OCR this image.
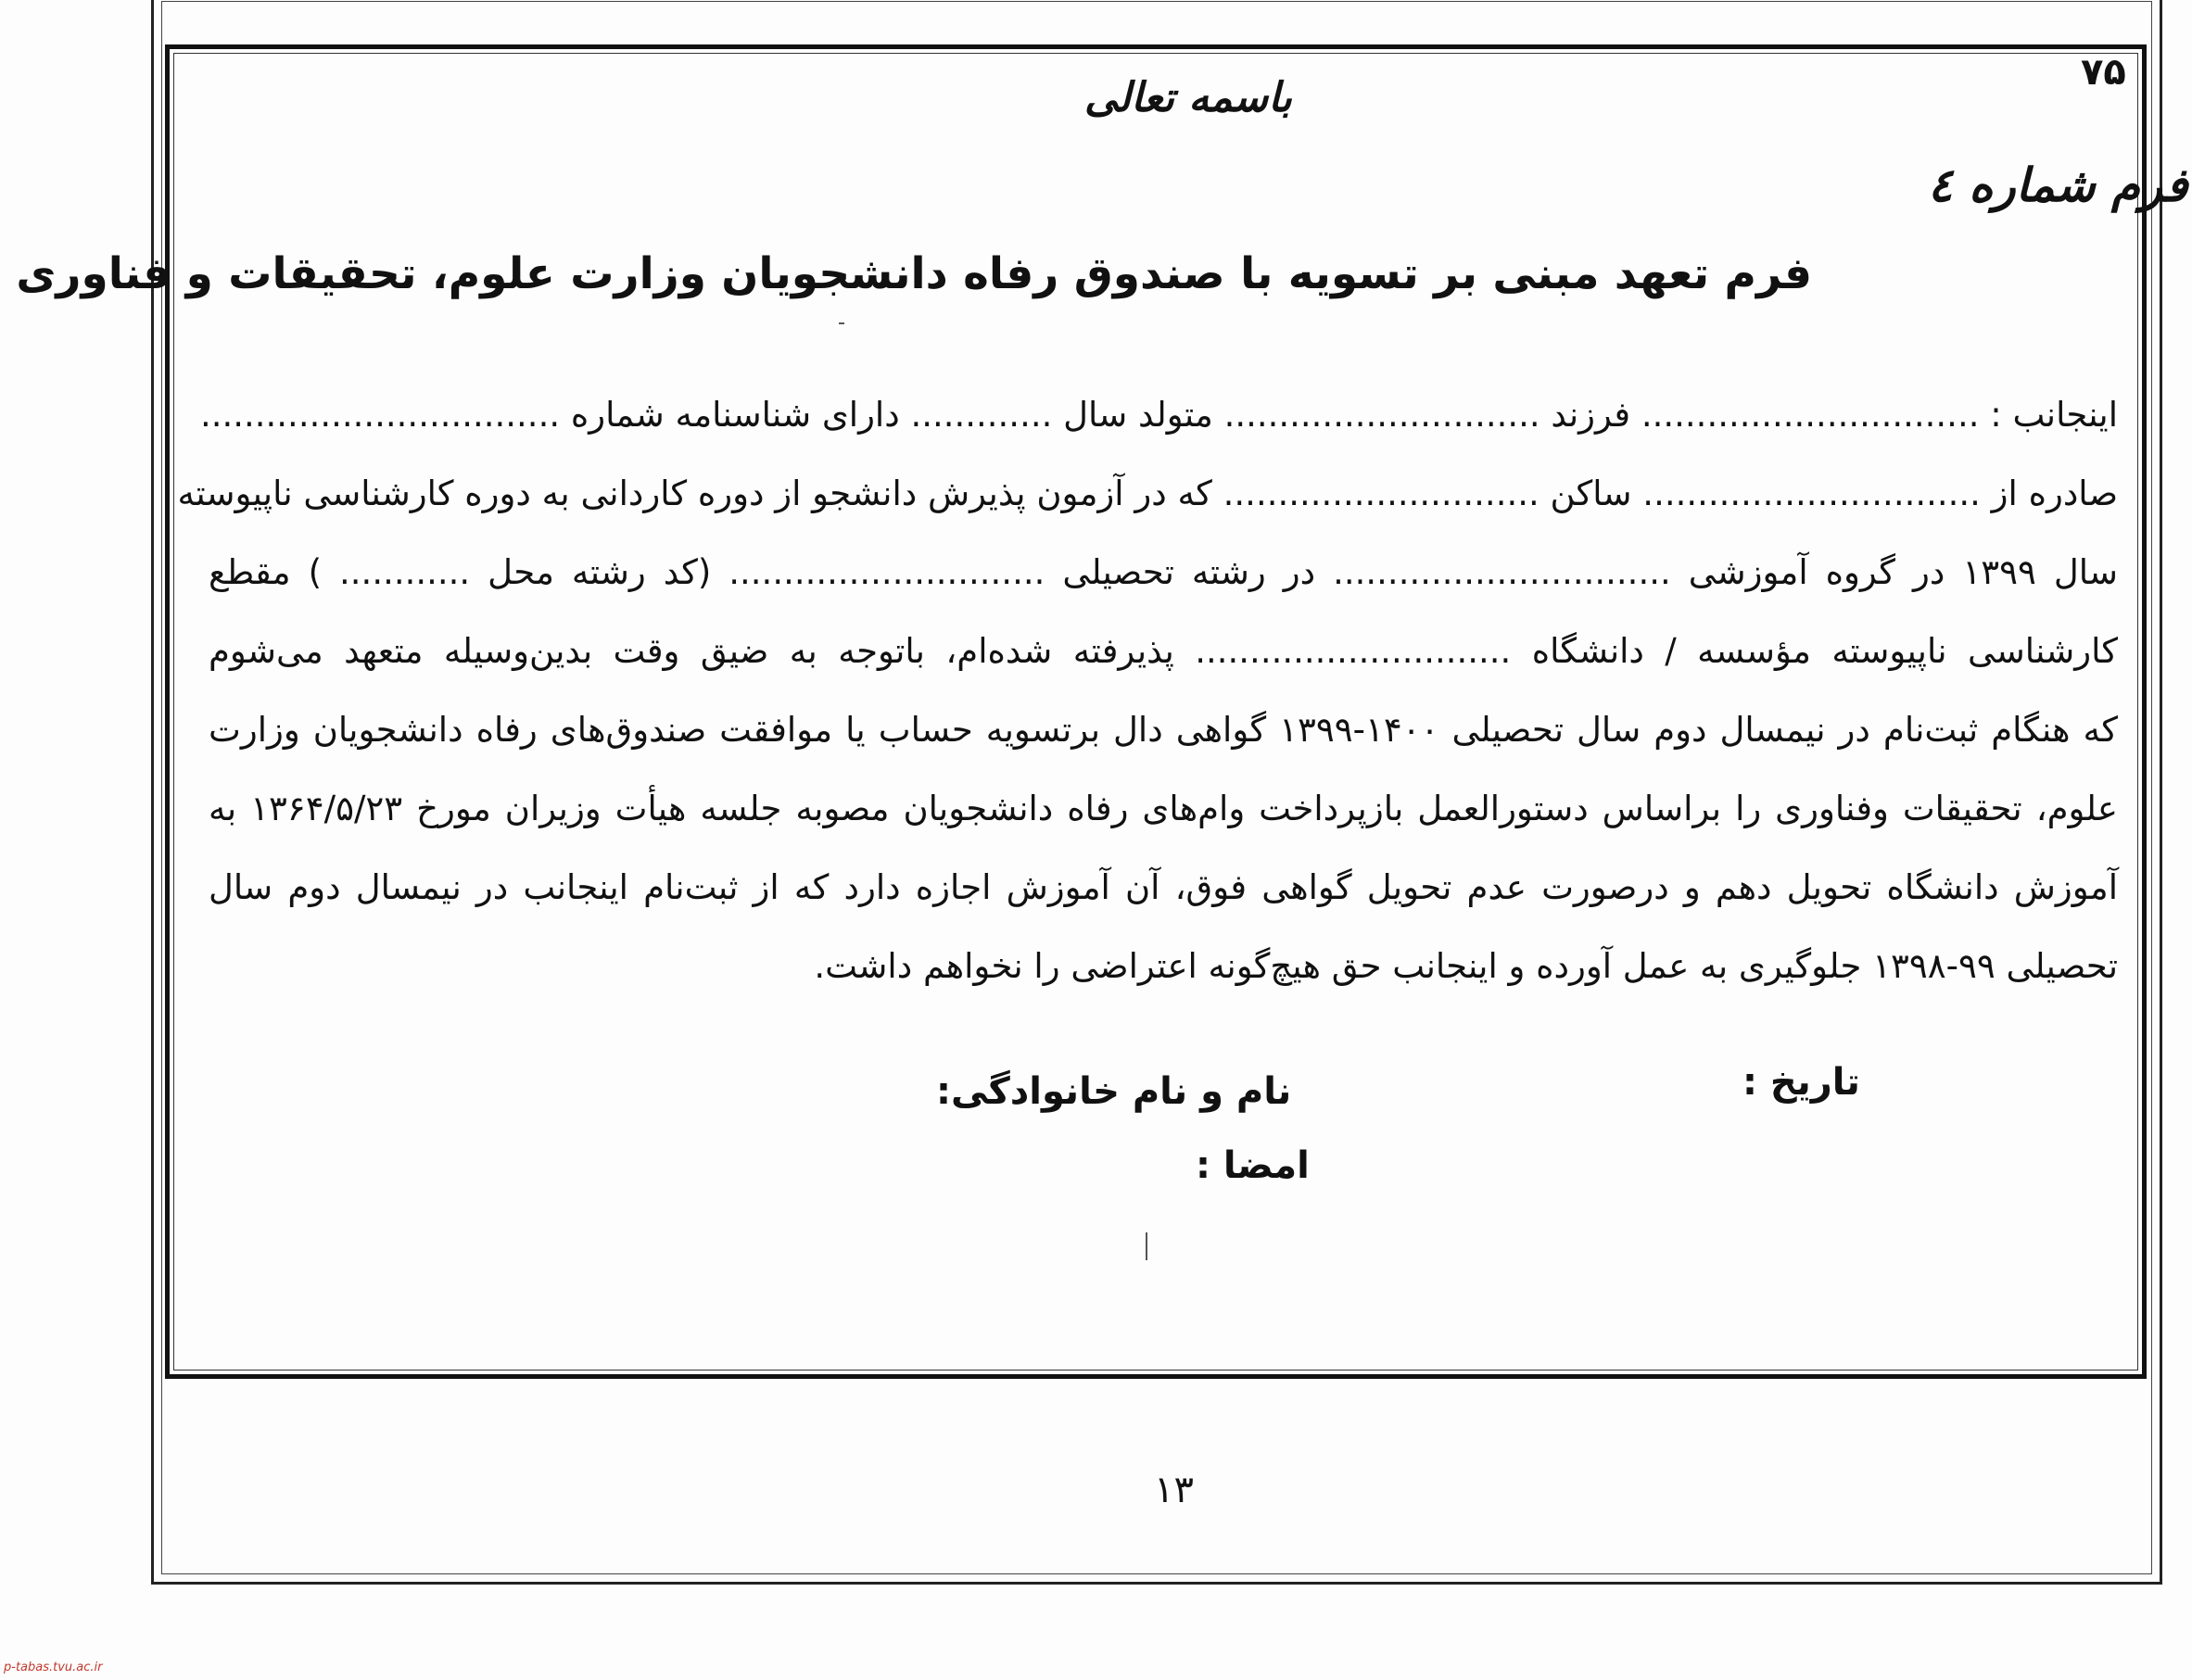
۷۵
باسمه تعالی
فرم شماره ٤
فرم تعهد مبنی بر تسویه با صندوق رفاه دانشجویان وزارت علوم، تحقیقات و فناوری
اینجانب : ............................... فرزند ............................. متولد سال ............. دارای شناسنامه شماره .................................
صادره از ............................... ساکن ............................. که در آزمون پذیرش دانشجو از دوره کاردانی به دوره کارشناسی ناپیوسته
سال ۱۳۹۹ در گروه آموزشی ............................... در رشته تحصیلی ............................. (کد رشته محل ............ ) مقطع
کارشناسی ناپیوسته مؤسسه / دانشگاه ............................. پذیرفته شده‌ام، باتوجه به ضیق وقت بدین‌وسیله متعهد می‌شوم
که هنگام ثبت‌نام در نیمسال دوم سال تحصیلی ۱۴۰۰-۱۳۹۹ گواهی دال برتسویه حساب یا موافقت صندوق‌های رفاه دانشجویان وزارت
علوم، تحقیقات وفناوری را براساس دستورالعمل بازپرداخت وام‌های رفاه دانشجویان مصوبه جلسه هیأت وزیران مورخ ۱۳۶۴/۵/۲۳ به
آموزش دانشگاه تحویل دهم و درصورت عدم تحویل گواهی فوق، آن آموزش اجازه دارد که از ثبت‌نام اینجانب در نیمسال دوم سال
تحصیلی ۹۹-۱۳۹۸ جلوگیری به عمل آورده و اینجانب حق هیچ‌گونه اعتراضی را نخواهم داشت.
تاریخ :
نام و نام خانوادگی:
امضا :
۱۳
p-tabas.tvu.ac.ir
